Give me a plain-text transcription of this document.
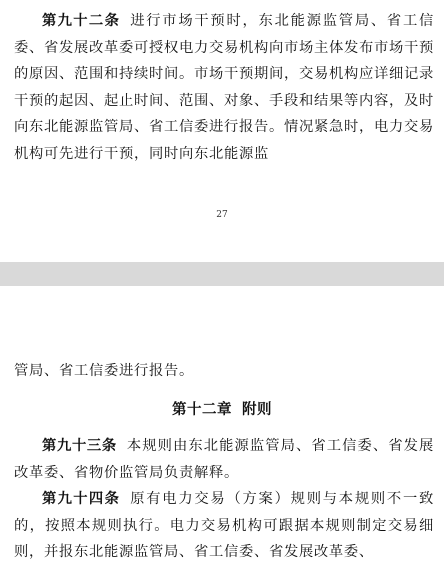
第九十二条 进行市场干预时，东北能源监管局、省工信委、省发展改革委可授权电力交易机构向市场主体发布市场干预的原因、范围和持续时间。市场干预期间，交易机构应详细记录干预的起因、起止时间、范围、对象、手段和结果等内容，及时向东北能源监管局、省工信委进行报告。情况紧急时，电力交易机构可先进行干预，同时向东北能源监

27
管局、省工信委进行报告。
第十二章 附则

第九十三条 本规则由东北能源监管局、省工信委、省发展改革委、省物价监管局负责解释。

第九十四条 原有电力交易（方案）规则与本规则不一致的，按照本规则执行。电力交易机构可跟据本规则制定交易细则，并报东北能源监管局、省工信委、省发展改革委、
